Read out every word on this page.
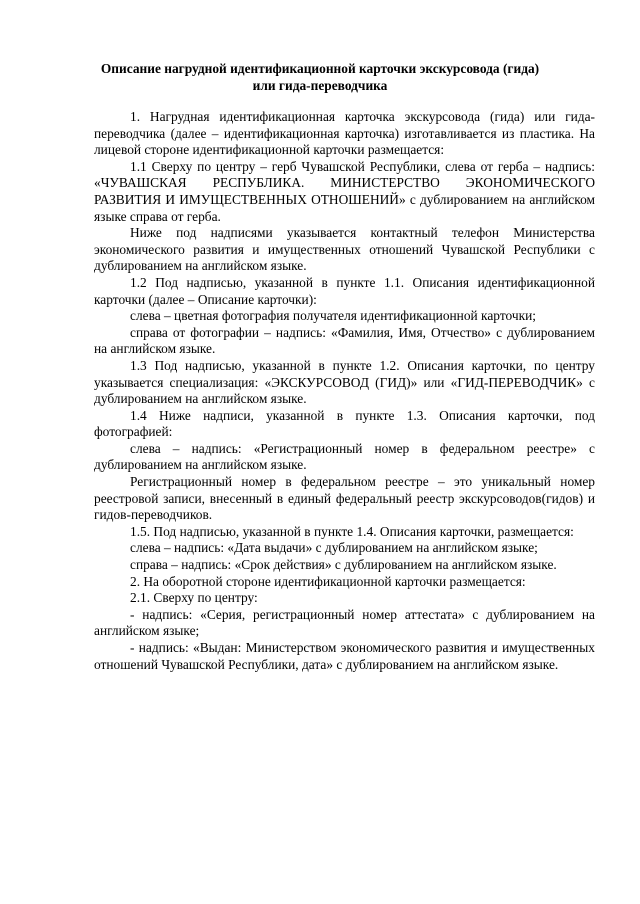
Описание нагрудной идентификационной карточки экскурсовода (гида)
или гида-переводчика

1. Нагрудная идентификационная карточка экскурсовода (гида) или гида-переводчика (далее – идентификационная карточка) изготавливается из пластика. На лицевой стороне идентификационной карточки размещается:

1.1 Сверху по центру – герб Чувашской Республики, слева от герба – надпись: «ЧУВАШСКАЯ РЕСПУБЛИКА. МИНИСТЕРСТВО ЭКОНОМИЧЕСКОГО РАЗВИТИЯ И ИМУЩЕСТВЕННЫХ ОТНОШЕНИЙ» с дублированием на английском языке справа от герба.

Ниже под надписями указывается контактный телефон Министерства экономического развития и имущественных отношений Чувашской Республики с дублированием на английском языке.

1.2 Под надписью, указанной в пункте 1.1. Описания идентификационной карточки (далее – Описание карточки):

слева – цветная фотография получателя идентификационной карточки;

справа от фотографии – надпись: «Фамилия, Имя, Отчество» с дублированием на английском языке.

1.3 Под надписью, указанной в пункте 1.2. Описания карточки, по центру указывается специализация: «ЭКСКУРСОВОД (ГИД)» или «ГИД-ПЕРЕВОДЧИК» с дублированием на английском языке.

1.4 Ниже надписи, указанной в пункте 1.3. Описания карточки, под фотографией:

слева – надпись: «Регистрационный номер в федеральном реестре» с дублированием на английском языке.

Регистрационный номер в федеральном реестре – это уникальный номер реестровой записи, внесенный в единый федеральный реестр экскурсоводов(гидов) и гидов-переводчиков.

1.5. Под надписью, указанной в пункте 1.4. Описания карточки, размещается:

слева – надпись: «Дата выдачи» с дублированием на английском языке;

справа – надпись: «Срок действия» с дублированием на английском языке.

2. На оборотной стороне идентификационной карточки размещается:

2.1. Сверху по центру:

- надпись: «Серия, регистрационный номер аттестата» с дублированием на английском языке;

- надпись: «Выдан: Министерством экономического развития и имущественных отношений Чувашской Республики, дата» с дублированием на английском языке.
